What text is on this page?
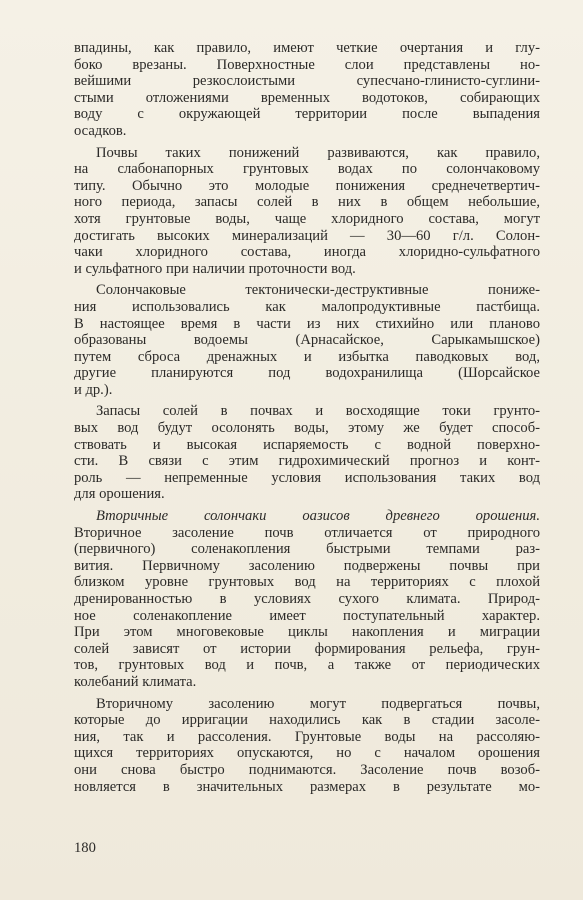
впадины, как правило, имеют четкие очертания и глу-
боко врезаны. Поверхностные слои представлены но-
вейшими резкослоистыми супесчано-глинисто-суглини-
стыми отложениями временных водотоков, собирающих
воду с окружающей территории после выпадения
осадков.
Почвы таких понижений развиваются, как правило,
на слабонапорных грунтовых водах по солончаковому
типу. Обычно это молодые понижения среднечетвертич-
ного периода, запасы солей в них в общем небольшие,
хотя грунтовые воды, чаще хлоридного состава, могут
достигать высоких минерализаций — 30—60 г/л. Солон-
чаки хлоридного состава, иногда хлоридно-сульфатного
и сульфатного при наличии проточности вод.
Солончаковые тектонически-деструктивные пониже-
ния использовались как малопродуктивные пастбища.
В настоящее время в части из них стихийно или планово
образованы водоемы (Арнасайское, Сарыкамышское)
путем сброса дренажных и избытка паводковых вод,
другие планируются под водохранилища (Шорсайское
и др.).
Запасы солей в почвах и восходящие токи грунто-
вых вод будут осолонять воды, этому же будет способ-
ствовать и высокая испаряемость с водной поверхно-
сти. В связи с этим гидрохимический прогноз и конт-
роль — непременные условия использования таких вод
для орошения.
Вторичные солончаки оазисов древнего орошения.
Вторичное засоление почв отличается от природного
(первичного) соленакопления быстрыми темпами раз-
вития. Первичному засолению подвержены почвы при
близком уровне грунтовых вод на территориях с плохой
дренированностью в условиях сухого климата. Природ-
ное соленакопление имеет поступательный характер.
При этом многовековые циклы накопления и миграции
солей зависят от истории формирования рельефа, грун-
тов, грунтовых вод и почв, а также от периодических
колебаний климата.
Вторичному засолению могут подвергаться почвы,
которые до ирригации находились как в стадии засоле-
ния, так и рассоления. Грунтовые воды на рассоляю-
щихся территориях опускаются, но с началом орошения
они снова быстро поднимаются. Засоление почв возоб-
новляется в значительных размерах в результате мо-
180
